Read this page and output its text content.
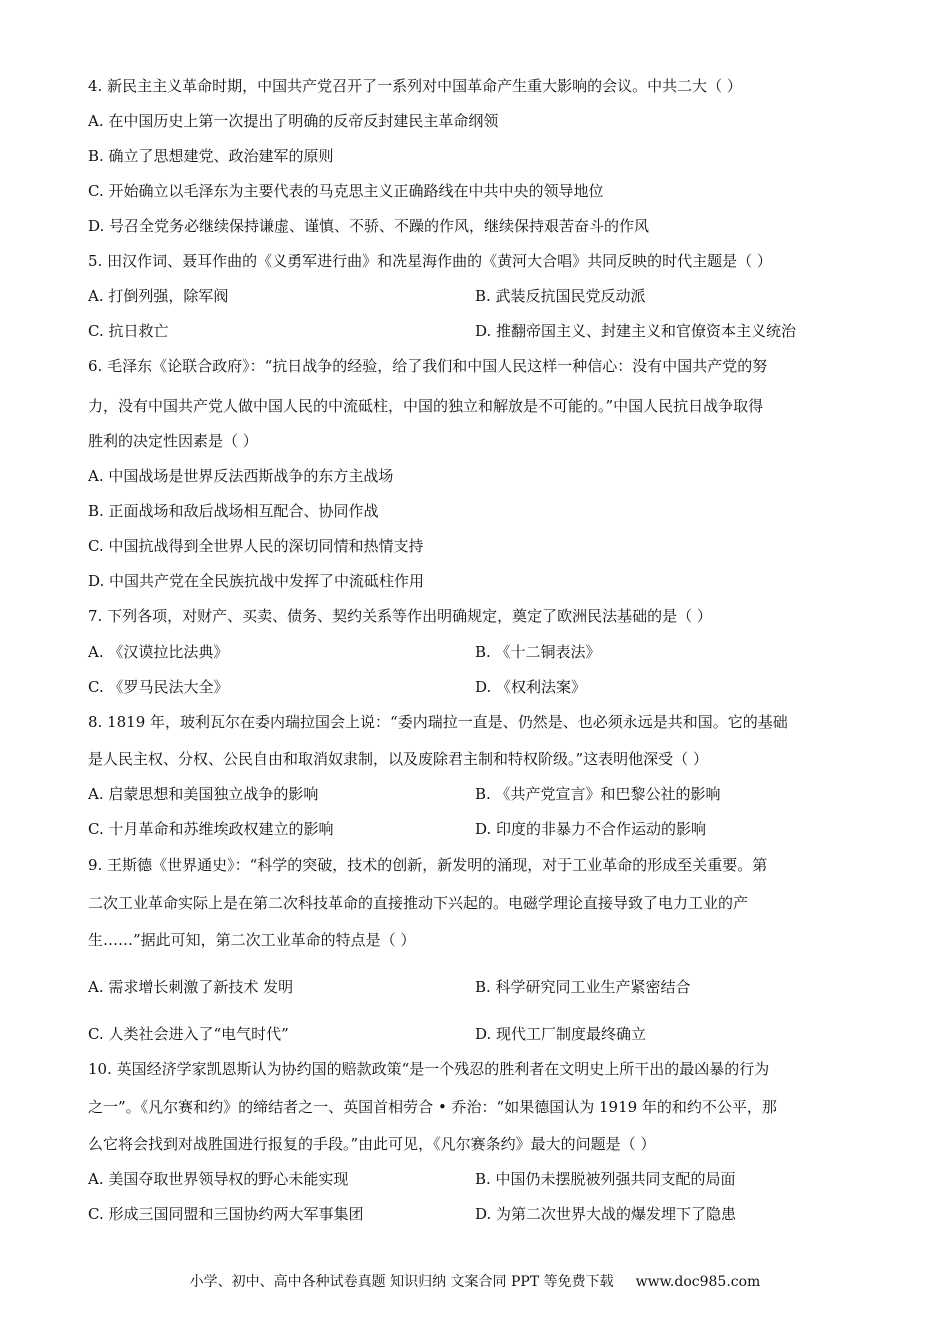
4. 新民主主义革命时期，中国共产党召开了一系列对中国革命产生重大影响的会议。中共二大（ ）
A. 在中国历史上第一次提出了明确的反帝反封建民主革命纲领
B. 确立了思想建党、政治建军的原则
C. 开始确立以毛泽东为主要代表的马克思主义正确路线在中共中央的领导地位
D. 号召全党务必继续保持谦虚、谨慎、不骄、不躁的作风，继续保持艰苦奋斗的作风
5. 田汉作词、聂耳作曲的《义勇军进行曲》和冼星海作曲的《黄河大合唱》共同反映的时代主题是（ ）
A. 打倒列强，除军阀	B. 武装反抗国民党反动派
C. 抗日救亡	D. 推翻帝国主义、封建主义和官僚资本主义统治
6. 毛泽东《论联合政府》：“抗日战争的经验，给了我们和中国人民这样一种信心：没有中国共产党的努
力，没有中国共产党人做中国人民的中流砥柱，中国的独立和解放是不可能的。”中国人民抗日战争取得
胜利的决定性因素是（ ）
A. 中国战场是世界反法西斯战争的东方主战场
B. 正面战场和敌后战场相互配合、协同作战
C. 中国抗战得到全世界人民的深切同情和热情支持
D. 中国共产党在全民族抗战中发挥了中流砥柱作用
7. 下列各项，对财产、买卖、债务、契约关系等作出明确规定，奠定了欧洲民法基础的是（ ）
A. 《汉谟拉比法典》	B. 《十二铜表法》
C. 《罗马民法大全》	D. 《权利法案》
8. 1819 年，玻利瓦尔在委内瑞拉国会上说：“委内瑞拉一直是、仍然是、也必须永远是共和国。它的基础
是人民主权、分权、公民自由和取消奴隶制，以及废除君主制和特权阶级。”这表明他深受（ ）
A. 启蒙思想和美国独立战争的影响	B. 《共产党宣言》和巴黎公社的影响
C. 十月革命和苏维埃政权建立的影响	D. 印度的非暴力不合作运动的影响
9. 王斯德《世界通史》：“科学的突破，技术的创新，新发明的涌现，对于工业革命的形成至关重要。第
二次工业革命实际上是在第二次科技革命的直接推动下兴起的。电磁学理论直接导致了电力工业的产
生……”据此可知，第二次工业革命的特点是（ ）
A. 需求增长刺激了新技术 发明	B. 科学研究同工业生产紧密结合
C. 人类社会进入了“电气时代”	D. 现代工厂制度最终确立
10. 英国经济学家凯恩斯认为协约国的赔款政策“是一个残忍的胜利者在文明史上所干出的最凶暴的行为
之一”。《凡尔赛和约》的缔结者之一、英国首相劳合 • 乔治：“如果德国认为 1919 年的和约不公平，那
么它将会找到对战胜国进行报复的手段。”由此可见，《凡尔赛条约》最大的问题是（ ）
A. 美国夺取世界领导权的野心未能实现	B. 中国仍未摆脱被列强共同支配的局面
C. 形成三国同盟和三国协约两大军事集团	D. 为第二次世界大战的爆发埋下了隐患
小学、初中、高中各种试卷真题 知识归纳 文案合同 PPT 等免费下载 www.doc985.com
